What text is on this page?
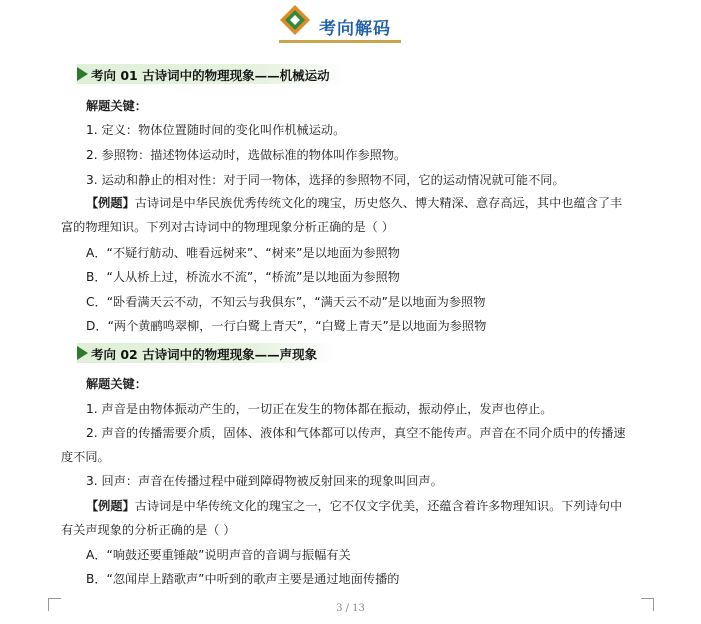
考向解码
考向 01 古诗词中的物理现象——机械运动
解题关键：
1. 定义：物体位置随时间的变化叫作机械运动。
2. 参照物：描述物体运动时，选做标准的物体叫作参照物。
3. 运动和静止的相对性：对于同一物体，选择的参照物不同，它的运动情况就可能不同。
【例题】古诗词是中华民族优秀传统文化的瑰宝，历史悠久、博大精深、意存高远，其中也蕴含了丰
富的物理知识。下列对古诗词中的物理现象分析正确的是（ ）
A．“不疑行舫动、唯看远树来”、“树来”是以地面为参照物
B．“人从桥上过，桥流水不流”，“桥流”是以地面为参照物
C．“卧看满天云不动，不知云与我俱东”，“满天云不动”是以地面为参照物
D．“两个黄鹂鸣翠柳，一行白鹭上青天”，“白鹭上青天”是以地面为参照物
考向 02 古诗词中的物理现象——声现象
解题关键：
1. 声音是由物体振动产生的，一切正在发生的物体都在振动，振动停止，发声也停止。
2. 声音的传播需要介质，固体、液体和气体都可以传声，真空不能传声。声音在不同介质中的传播速
度不同。
3. 回声：声音在传播过程中碰到障碍物被反射回来的现象叫回声。
【例题】古诗词是中华传统文化的瑰宝之一，它不仅文字优美，还蕴含着许多物理知识。下列诗句中
有关声现象的分析正确的是（ ）
A．“响鼓还要重锤敲”说明声音的音调与振幅有关
B．“忽闻岸上踏歌声”中听到的歌声主要是通过地面传播的
3 / 13
